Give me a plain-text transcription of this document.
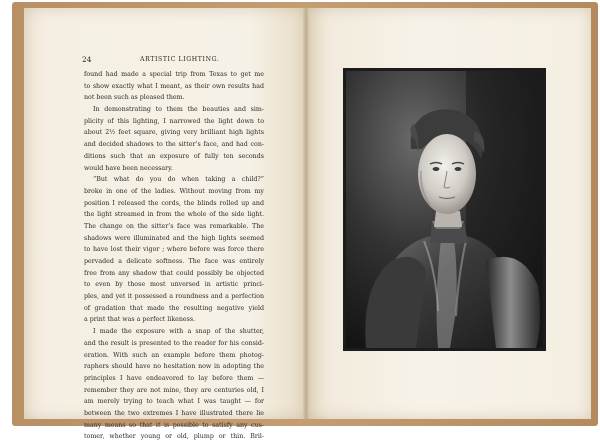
24	ARTISTIC LIGHTING.
found had made a special trip from Texas to get me
to show exactly what I meant, as their own results had
not been such as pleased them.
In demonstrating to them the beauties and sim-
plicity of this lighting, I narrowed the light down to
about 2½ feet square, giving very brilliant high lights
and decided shadows to the sitter’s face, and had con-
ditions such that an exposure of fully ten seconds
would have been necessary.
“But what do you do when taking a child?”
broke in one of the ladies. Without moving from my
position I released the cords, the blinds rolled up and
the light streamed in from the whole of the side light.
The change on the sitter’s face was remarkable. The
shadows were illuminated and the high lights seemed
to have lost their vigor ; where before was force there
pervaded a delicate softness. The face was entirely
free from any shadow that could possibly be objected
to even by those most unversed in artistic princi-
ples, and yet it possessed a roundness and a perfection
of gradation that made the resulting negative yield
a print that was a perfect likeness.
I made the exposure with a snap of the shutter,
and the result is presented to the reader for his consid-
eration. With such an example before them photog-
raphers should have no hesitation now in adopting the
principles I have endeavored to lay before them —
remember they are not mine, they are centuries old, I
am merely trying to teach what I was taught — for
between the two extremes I have illustrated there lie
many means so that it is possible to satisfy any cus-
tomer, whether young or old, plump or thin. Bril-
